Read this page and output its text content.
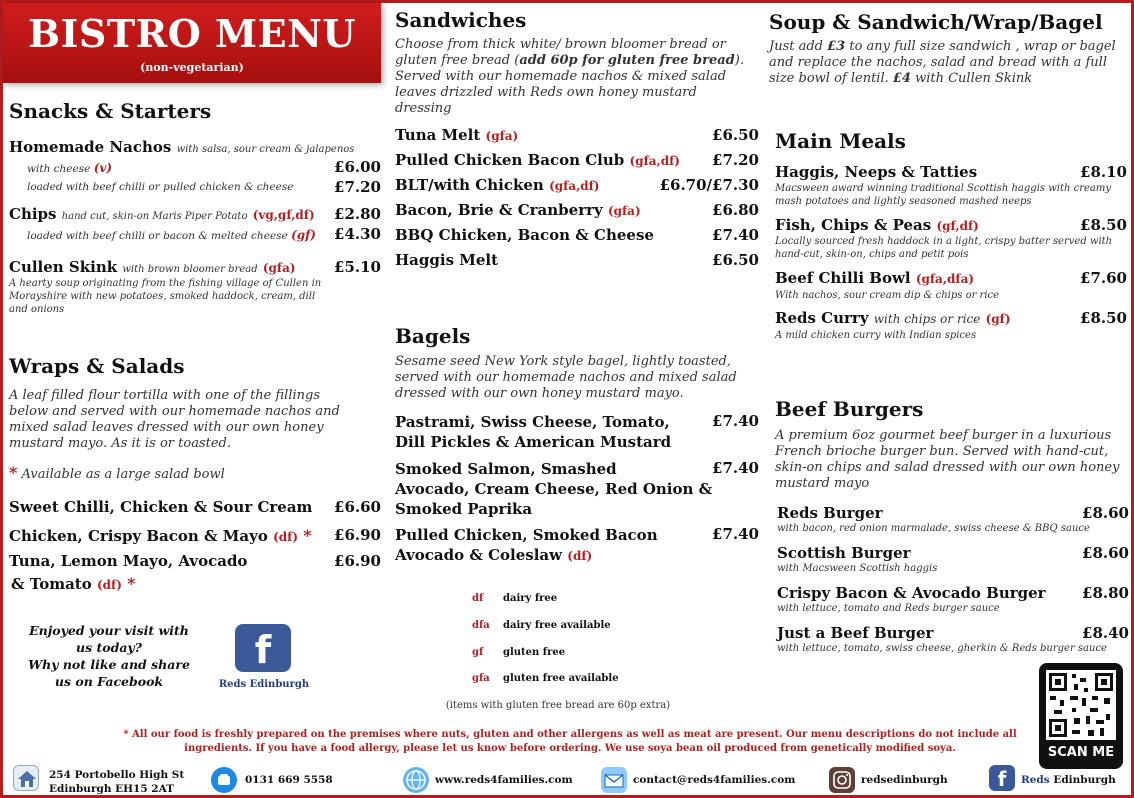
BISTRO MENU
(non-vegetarian)
Snacks & Starters
Homemade Nachos with salsa, sour cream & jalapenos
with cheese (v)	£6.00
loaded with beef chilli or pulled chicken & cheese	£7.20
Chips hand cut, skin-on Maris Piper Potato (vg,gf,df)	£2.80
loaded with beef chilli or bacon & melted cheese (gf)	£4.30
Cullen Skink with brown bloomer bread (gfa)	£5.10
A hearty soup originating from the fishing village of Cullen in Morayshire with new potatoes, smoked haddock, cream, dill and onions
Wraps & Salads
A leaf filled flour tortilla with one of the fillings below and served with our homemade nachos and mixed salad leaves dressed with our own honey mustard mayo. As it is or toasted.
* Available as a large salad bowl
Sweet Chilli, Chicken & Sour Cream	£6.60
Chicken, Crispy Bacon & Mayo (df) *	£6.90
Tuna, Lemon Mayo, Avocado	£6.90
& Tomato (df) *
Enjoyed your visit with
us today?
Why not like and share
us on Facebook
f
Reds Edinburgh
Sandwiches
Choose from thick white/ brown bloomer bread or gluten free bread (add 60p for gluten free bread). Served with our homemade nachos & mixed salad leaves drizzled with Reds own honey mustard dressing
Tuna Melt (gfa)	£6.50
Pulled Chicken Bacon Club (gfa,df)	£7.20
BLT/with Chicken (gfa,df)	£6.70/£7.30
Bacon, Brie & Cranberry (gfa)	£6.80
BBQ Chicken, Bacon & Cheese	£7.40
Haggis Melt	£6.50
Bagels
Sesame seed New York style bagel, lightly toasted, served with our homemade nachos and mixed salad dressed with our own honey mustard mayo.
Pastrami, Swiss Cheese, Tomato,
Dill Pickles & American Mustard
£7.40
Smoked Salmon, Smashed
Avocado, Cream Cheese, Red Onion &
Smoked Paprika
£7.40
Pulled Chicken, Smoked Bacon
Avocado & Coleslaw (df)
£7.40
df dairy free
dfa dairy free available
gf gluten free
gfa gluten free available
(items with gluten free bread are 60p extra)
Soup & Sandwich/Wrap/Bagel
Just add £3 to any full size sandwich , wrap or bagel and replace the nachos, salad and bread with a full size bowl of lentil. £4 with Cullen Skink
Main Meals
Haggis, Neeps & Tatties	£8.10
Macsween award winning traditional Scottish haggis with creamy mash potatoes and lightly seasoned mashed neeps
Fish, Chips & Peas (gf,df)	£8.50
Locally sourced fresh haddock in a light, crispy batter served with hand-cut, skin-on, chips and petit pois
Beef Chilli Bowl (gfa,dfa)	£7.60
With nachos, sour cream dip & chips or rice
Reds Curry with chips or rice (gf)	£8.50
A mild chicken curry with Indian spices
Beef Burgers
A premium 6oz gourmet beef burger in a luxurious French brioche burger bun. Served with hand-cut, skin-on chips and salad dressed with our own honey mustard mayo
Reds Burger	£8.60
with bacon, red onion marmalade, swiss cheese & BBQ sauce
Scottish Burger	£8.60
with Macsween Scottish haggis
Crispy Bacon & Avocado Burger	£8.80
with lettuce, tomato and Reds burger sauce
Just a Beef Burger	£8.40
with lettuce, tomato, swiss cheese, gherkin & Reds burger sauce
SCAN ME
* All our food is freshly prepared on the premises where nuts, gluten and other allergens as well as meat are present. Our menu descriptions do not include all
ingredients. If you have a food allergy, please let us know before ordering. We use soya bean oil produced from genetically modified soya.
254 Portobello High St
Edinburgh EH15 2AT
0131 669 5558	www.reds4families.com	contact@reds4families.com	redsedinburgh	f	Reds Edinburgh
